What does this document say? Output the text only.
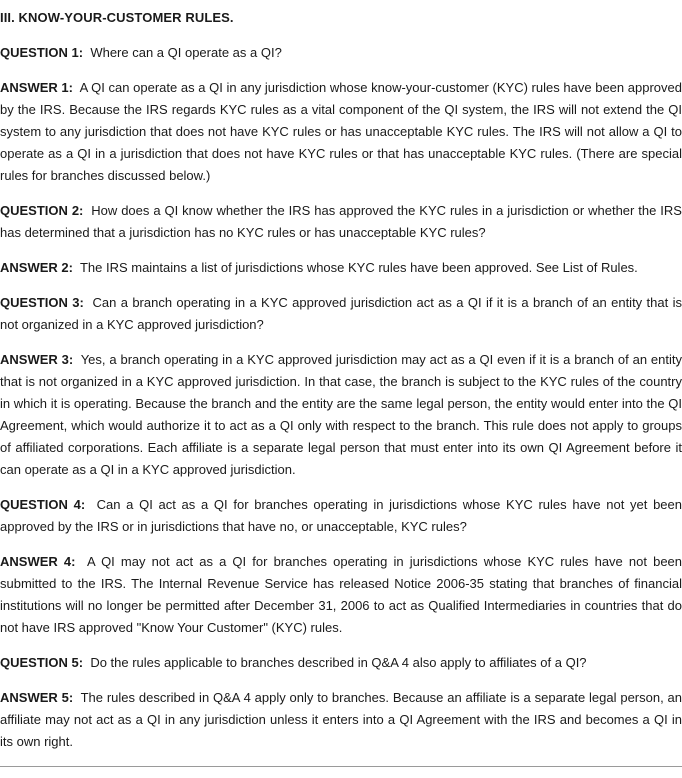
III. KNOW-YOUR-CUSTOMER RULES.

QUESTION 1: Where can a QI operate as a QI?

ANSWER 1: A QI can operate as a QI in any jurisdiction whose know-your-customer (KYC) rules have been approved by the IRS. Because the IRS regards KYC rules as a vital component of the QI system, the IRS will not extend the QI system to any jurisdiction that does not have KYC rules or has unacceptable KYC rules. The IRS will not allow a QI to operate as a QI in a jurisdiction that does not have KYC rules or that has unacceptable KYC rules. (There are special rules for branches discussed below.)

QUESTION 2: How does a QI know whether the IRS has approved the KYC rules in a jurisdiction or whether the IRS has determined that a jurisdiction has no KYC rules or has unacceptable KYC rules?

ANSWER 2: The IRS maintains a list of jurisdictions whose KYC rules have been approved. See List of Rules.

QUESTION 3: Can a branch operating in a KYC approved jurisdiction act as a QI if it is a branch of an entity that is not organized in a KYC approved jurisdiction?

ANSWER 3: Yes, a branch operating in a KYC approved jurisdiction may act as a QI even if it is a branch of an entity that is not organized in a KYC approved jurisdiction. In that case, the branch is subject to the KYC rules of the country in which it is operating. Because the branch and the entity are the same legal person, the entity would enter into the QI Agreement, which would authorize it to act as a QI only with respect to the branch. This rule does not apply to groups of affiliated corporations. Each affiliate is a separate legal person that must enter into its own QI Agreement before it can operate as a QI in a KYC approved jurisdiction.

QUESTION 4: Can a QI act as a QI for branches operating in jurisdictions whose KYC rules have not yet been approved by the IRS or in jurisdictions that have no, or unacceptable, KYC rules?

ANSWER 4: A QI may not act as a QI for branches operating in jurisdictions whose KYC rules have not been submitted to the IRS. The Internal Revenue Service has released Notice 2006-35 stating that branches of financial institutions will no longer be permitted after December 31, 2006 to act as Qualified Intermediaries in countries that do not have IRS approved "Know Your Customer" (KYC) rules.

QUESTION 5: Do the rules applicable to branches described in Q&A 4 also apply to affiliates of a QI?

ANSWER 5: The rules described in Q&A 4 apply only to branches. Because an affiliate is a separate legal person, an affiliate may not act as a QI in any jurisdiction unless it enters into a QI Agreement with the IRS and becomes a QI in its own right.
